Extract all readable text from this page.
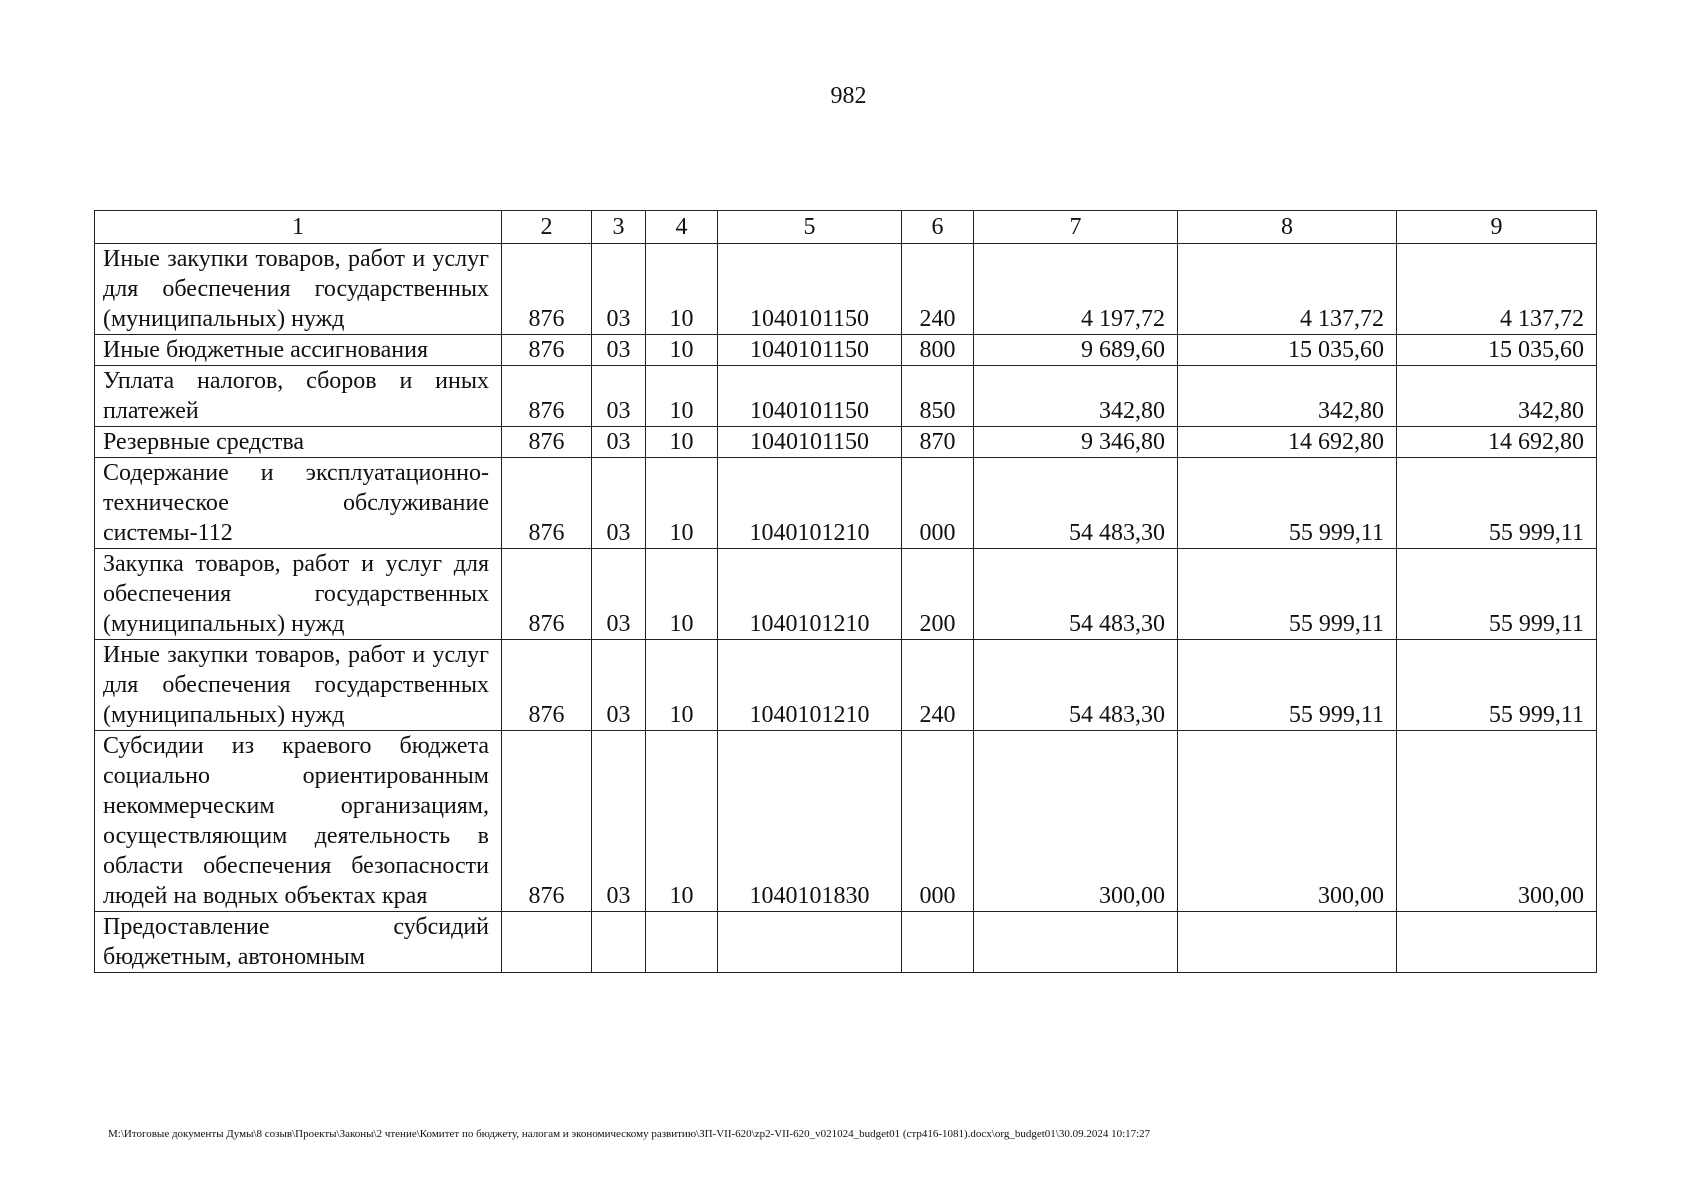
982
1	2	3	4	5	6	7	8	9
Иные закупки товаров, работ и услуг для обеспечения государственных (муниципальных) нужд	876	03	10	1040101150	240	4 197,72	4 137,72	4 137,72
Иные бюджетные ассигнования	876	03	10	1040101150	800	9 689,60	15 035,60	15 035,60
Уплата налогов, сборов и иных платежей	876	03	10	1040101150	850	342,80	342,80	342,80
Резервные средства	876	03	10	1040101150	870	9 346,80	14 692,80	14 692,80
Содержание и эксплуатационно-техническое обслуживание системы-112	876	03	10	1040101210	000	54 483,30	55 999,11	55 999,11
Закупка товаров, работ и услуг для обеспечения государственных (муниципальных) нужд	876	03	10	1040101210	200	54 483,30	55 999,11	55 999,11
Иные закупки товаров, работ и услуг для обеспечения государственных (муниципальных) нужд	876	03	10	1040101210	240	54 483,30	55 999,11	55 999,11
Субсидии из краевого бюджета социально ориентированным некоммерческим организациям, осуществляющим деятельность в области обеспечения безопасности людей на водных объектах края	876	03	10	1040101830	000	300,00	300,00	300,00
Предоставление субсидий бюджетным, автономным								
M:\Итоговые документы Думы\8 созыв\Проекты\Законы\2 чтение\Комитет по бюджету, налогам и экономическому развитию\ЗП-VII-620\zp2-VII-620_v021024_budget01 (стр416-1081).docx\org_budget01\30.09.2024 10:17:27
